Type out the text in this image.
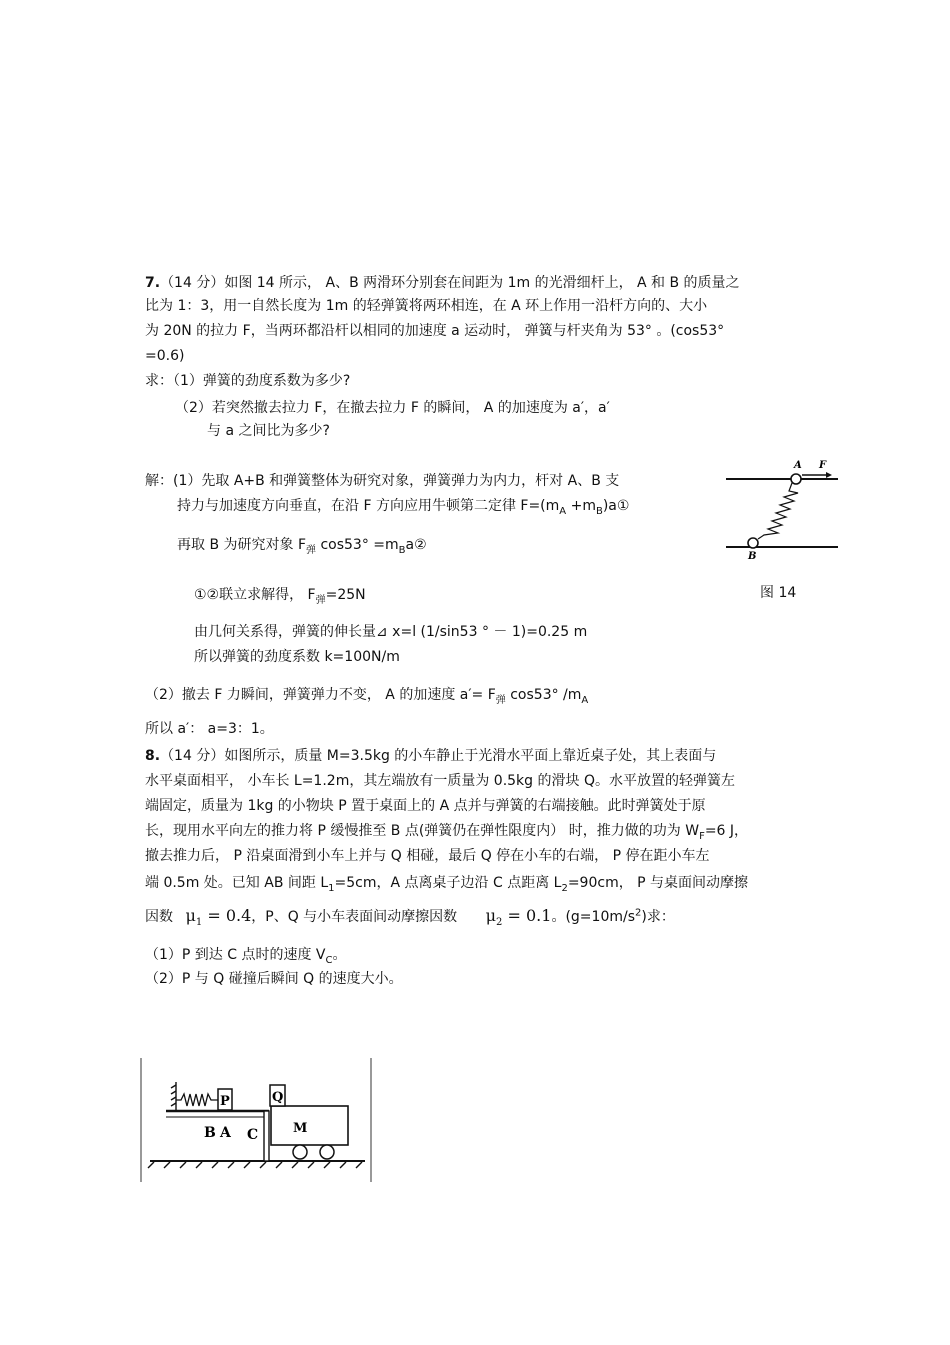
7.（14 分）如图 14 所示， A、B 两滑环分别套在间距为 1m 的光滑细杆上， A 和 B 的质量之
比为 1：3，用一自然长度为 1m 的轻弹簧将两环相连，在 A 环上作用一沿杆方向的、大小
为 20N 的拉力 F，当两环都沿杆以相同的加速度 a 运动时， 弹簧与杆夹角为 53° 。(cos53°
=0.6)
求：（1）弹簧的劲度系数为多少?
（2）若突然撤去拉力 F，在撤去拉力 F 的瞬间， A 的加速度为 a′，a′
与 a 之间比为多少?
解：(1）先取 A+B 和弹簧整体为研究对象，弹簧弹力为内力，杆对 A、B 支
持力与加速度方向垂直，在沿 F 方向应用牛顿第二定律 $F=(m_A$ $+m_B)a①$
再取 B 为研究对象 $F_弹$ $\cos 53^\circ =m_Ba②$
①②联立求解得， $F_弹=25N$
由几何关系得，弹簧的伸长量⊿ x=l (1/sin53 ° － 1)=0.25 m
所以弹簧的劲度系数 k=100N/m
（2）撤去 F 力瞬间，弹簧弹力不变， A 的加速度 $a'= F_弹$ cos53° $/m_A$
所以 a′： a=3：1。
A F
B
图 14
8.（14 分）如图所示，质量 M=3.5kg 的小车静止于光滑水平面上靠近桌子处，其上表面与
水平桌面相平， 小车长 L=1.2m，其左端放有一质量为 0.5kg 的滑块 Q。水平放置的轻弹簧左
端固定，质量为 1kg 的小物块 P 置于桌面上的 A 点并与弹簧的右端接触。此时弹簧处于原
长，现用水平向左的推力将 P 缓慢推至 B 点(弹簧仍在弹性限度内） 时，推力做的功为 $W_F=6$ J，
撤去推力后， P 沿桌面滑到小车上并与 Q 相碰，最后 Q 停在小车的右端， P 停在距小车左
端 0.5m 处。已知 AB 间距 $L_1=5cm$，A 点离桌子边沿 C 点距离 $L_2=90cm$， P 与桌面间动摩擦
因数 $\mu_1 = 0.4$，P、Q 与小车表面间动摩擦因数 $\mu_2 = 0.1$。$(g=10m/s^2)$求：
（1）P 到达 C 点时的速度 $V_C$。
（2）P 与 Q 碰撞后瞬间 Q 的速度大小。
P
M
Q
B A C
